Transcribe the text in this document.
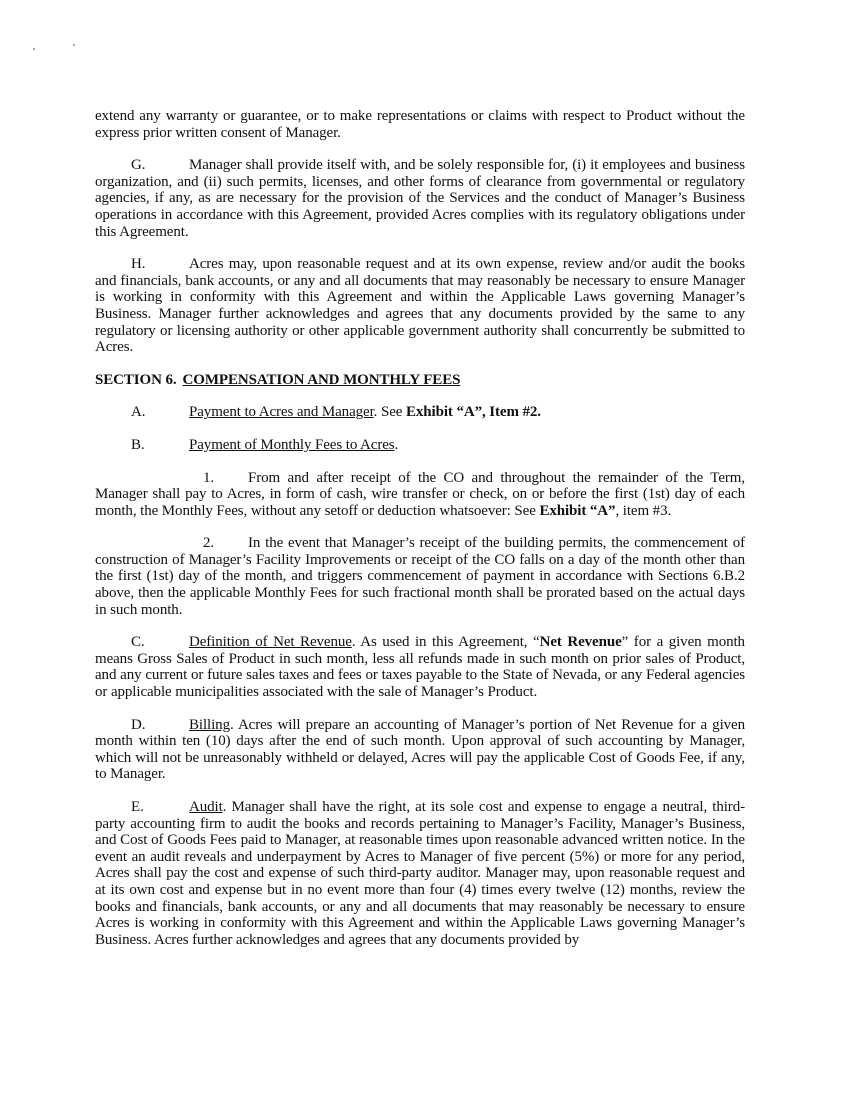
extend any warranty or guarantee, or to make representations or claims with respect to Product without the express prior written consent of Manager.

G.	Manager shall provide itself with, and be solely responsible for, (i) it employees and business organization, and (ii) such permits, licenses, and other forms of clearance from governmental or regulatory agencies, if any, as are necessary for the provision of the Services and the conduct of Manager’s Business operations in accordance with this Agreement, provided Acres complies with its regulatory obligations under this Agreement.

H.	Acres may, upon reasonable request and at its own expense, review and/or audit the books and financials, bank accounts, or any and all documents that may reasonably be necessary to ensure Manager is working in conformity with this Agreement and within the Applicable Laws governing Manager’s Business. Manager further acknowledges and agrees that any documents provided by the same to any regulatory or licensing authority or other applicable government authority shall concurrently be submitted to Acres.

SECTION 6. COMPENSATION AND MONTHLY FEES
A.	Payment to Acres and Manager. See Exhibit “A”, Item #2.
B.	Payment of Monthly Fees to Acres.

1. From and after receipt of the CO and throughout the remainder of the Term, Manager shall pay to Acres, in form of cash, wire transfer or check, on or before the first (1st) day of each month, the Monthly Fees, without any setoff or deduction whatsoever: See Exhibit “A”, item #3.

2. In the event that Manager’s receipt of the building permits, the commencement of construction of Manager’s Facility Improvements or receipt of the CO falls on a day of the month other than the first (1st) day of the month, and triggers commencement of payment in accordance with Sections 6.B.2 above, then the applicable Monthly Fees for such fractional month shall be prorated based on the actual days in such month.

C.	Definition of Net Revenue. As used in this Agreement, “Net Revenue” for a given month means Gross Sales of Product in such month, less all refunds made in such month on prior sales of Product, and any current or future sales taxes and fees or taxes payable to the State of Nevada, or any Federal agencies or applicable municipalities associated with the sale of Manager’s Product.

D.	Billing. Acres will prepare an accounting of Manager’s portion of Net Revenue for a given month within ten (10) days after the end of such month. Upon approval of such accounting by Manager, which will not be unreasonably withheld or delayed, Acres will pay the applicable Cost of Goods Fee, if any, to Manager.

E.	Audit. Manager shall have the right, at its sole cost and expense to engage a neutral, third-party accounting firm to audit the books and records pertaining to Manager’s Facility, Manager’s Business, and Cost of Goods Fees paid to Manager, at reasonable times upon reasonable advanced written notice. In the event an audit reveals and underpayment by Acres to Manager of five percent (5%) or more for any period, Acres shall pay the cost and expense of such third-party auditor. Manager may, upon reasonable request and at its own cost and expense but in no event more than four (4) times every twelve (12) months, review the books and financials, bank accounts, or any and all documents that may reasonably be necessary to ensure Acres is working in conformity with this Agreement and within the Applicable Laws governing Manager’s Business. Acres further acknowledges and agrees that any documents provided by
